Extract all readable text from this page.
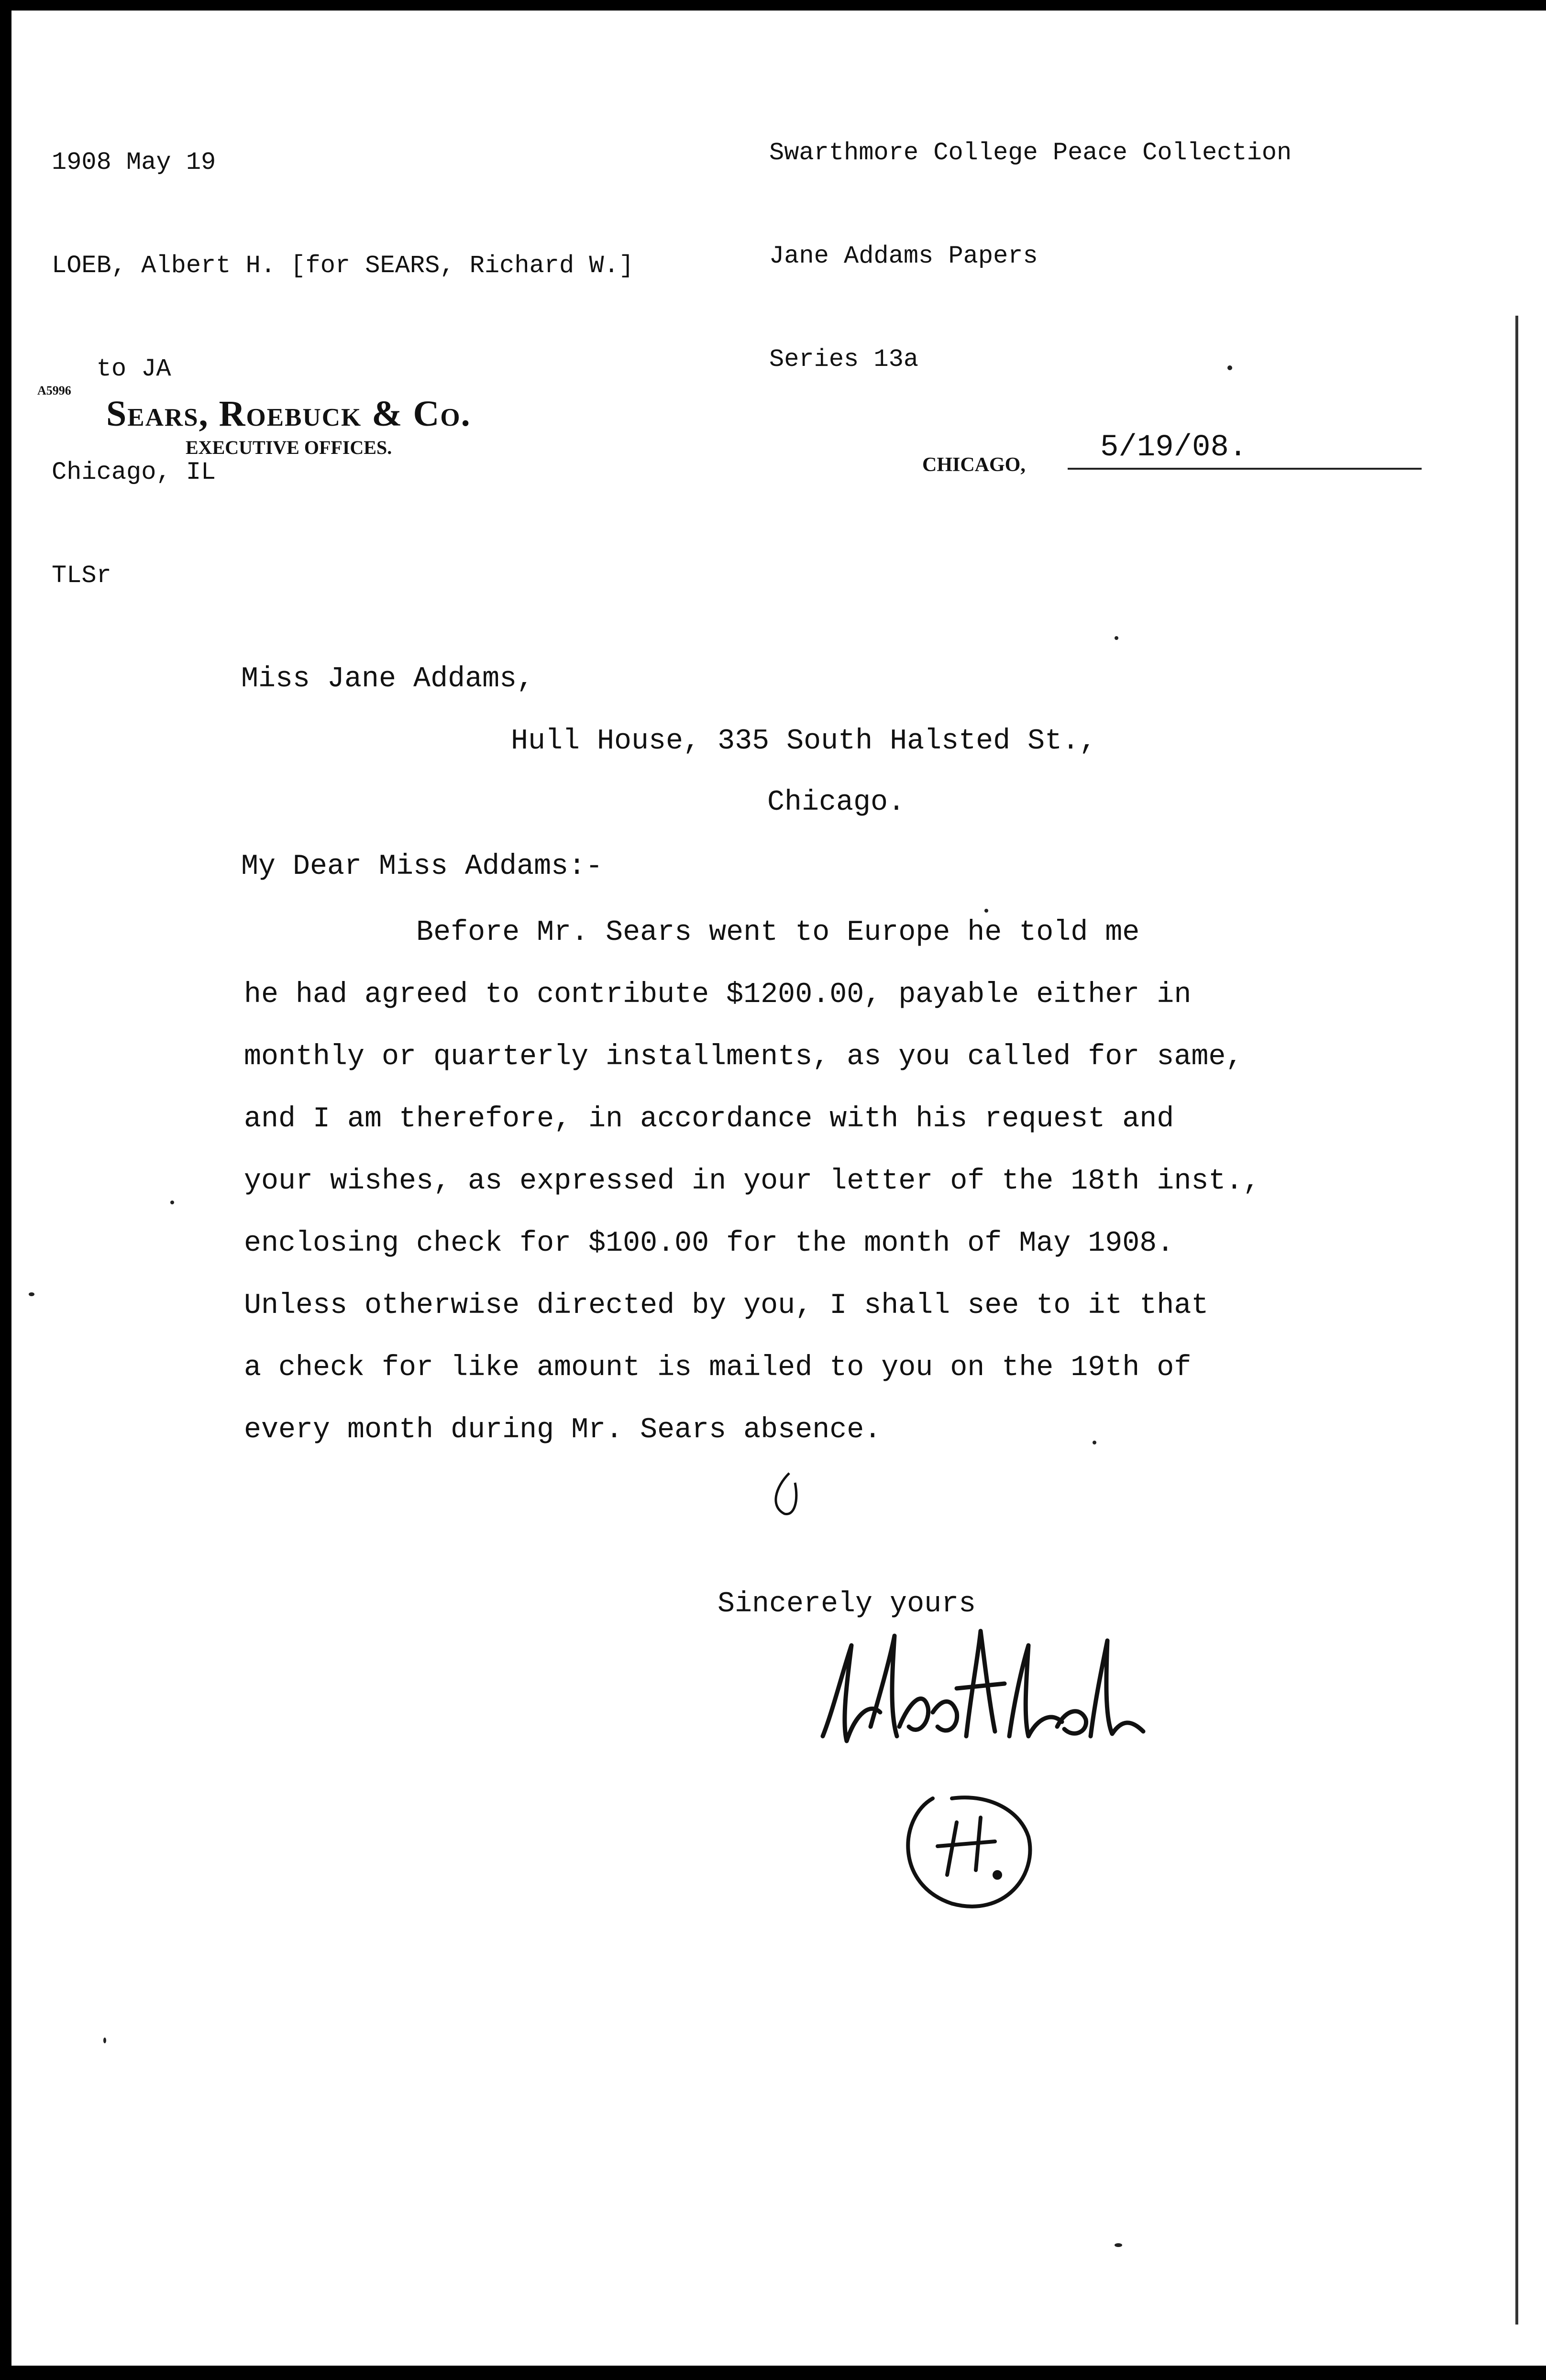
1908 May 19

LOEB, Albert H. [for SEARS, Richard W.]

to JA

Chicago, IL

TLSr

Swarthmore College Peace Collection

Jane Addams Papers

Series 13a

A5996
Sears, Roebuck & Co.
EXECUTIVE OFFICES.
CHICAGO, 5/19/08.
Miss Jane Addams,
Hull House, 335 South Halsted St.,
Chicago.
My Dear Miss Addams:-
Before Mr. Sears went to Europe he told me
he had agreed to contribute $1200.00, payable either in
monthly or quarterly installments, as you called for same,
and I am therefore, in accordance with his request and
your wishes, as expressed in your letter of the 18th inst.,
enclosing check for $100.00 for the month of May 1908.
Unless otherwise directed by you, I shall see to it that
a check for like amount is mailed to you on the 19th of
every month during Mr. Sears absence.
Sincerely yours
